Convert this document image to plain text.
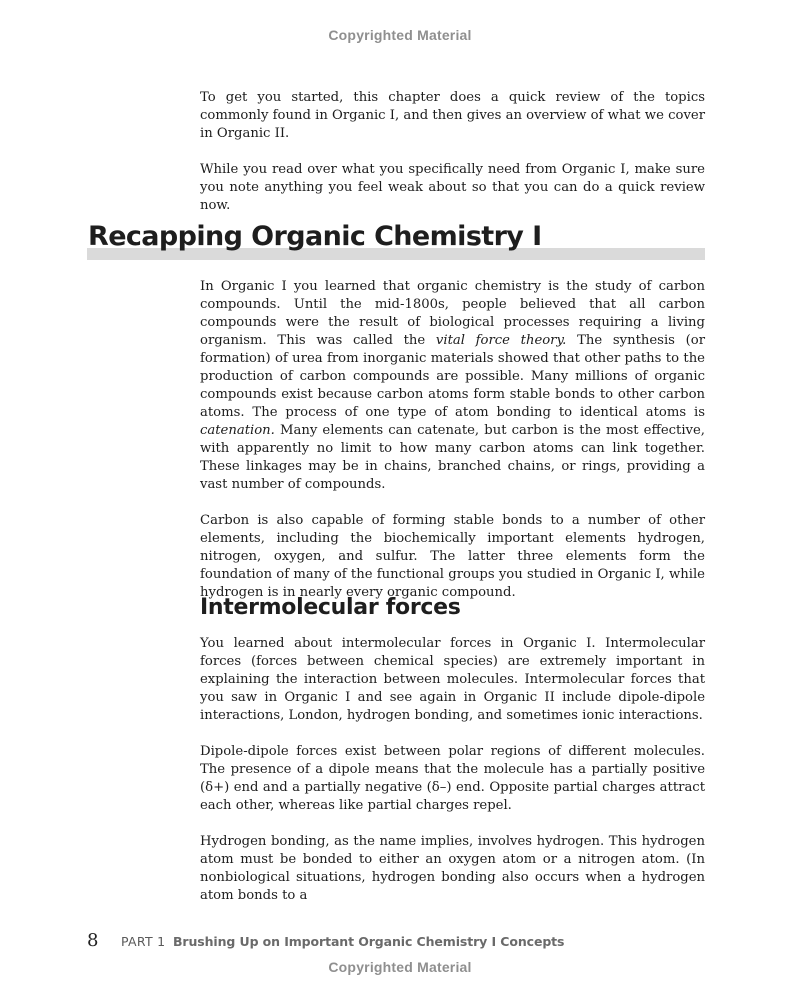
Copyrighted Material

To get you started, this chapter does a quick review of the topics commonly found in Organic I, and then gives an overview of what we cover in Organic II.

While you read over what you specifically need from Organic I, make sure you note anything you feel weak about so that you can do a quick review now.

Recapping Organic Chemistry I

In Organic I you learned that organic chemistry is the study of carbon compounds. Until the mid-1800s, people believed that all carbon compounds were the result of biological processes requiring a living organism. This was called the vital force theory. The synthesis (or formation) of urea from inorganic materials showed that other paths to the production of carbon compounds are possible. Many millions of organic compounds exist because carbon atoms form stable bonds to other carbon atoms. The process of one type of atom bonding to identical atoms is catenation. Many elements can catenate, but carbon is the most effective, with apparently no limit to how many carbon atoms can link together. These linkages may be in chains, branched chains, or rings, providing a vast number of compounds.

Carbon is also capable of forming stable bonds to a number of other elements, including the biochemically important elements hydrogen, nitrogen, oxygen, and sulfur. The latter three elements form the foundation of many of the functional groups you studied in Organic I, while hydrogen is in nearly every organic compound.

Intermolecular forces

You learned about intermolecular forces in Organic I. Intermolecular forces (forces between chemical species) are extremely important in explaining the interaction between molecules. Intermolecular forces that you saw in Organic I and see again in Organic II include dipole-dipole interactions, London, hydrogen bonding, and sometimes ionic interactions.

Dipole-dipole forces exist between polar regions of different molecules. The presence of a dipole means that the molecule has a partially positive (δ+) end and a partially negative (δ–) end. Opposite partial charges attract each other, whereas like partial charges repel.

Hydrogen bonding, as the name implies, involves hydrogen. This hydrogen atom must be bonded to either an oxygen atom or a nitrogen atom. (In nonbiological situations, hydrogen bonding also occurs when a hydrogen atom bonds to a

8 PART 1 Brushing Up on Important Organic Chemistry I Concepts
Copyrighted Material
